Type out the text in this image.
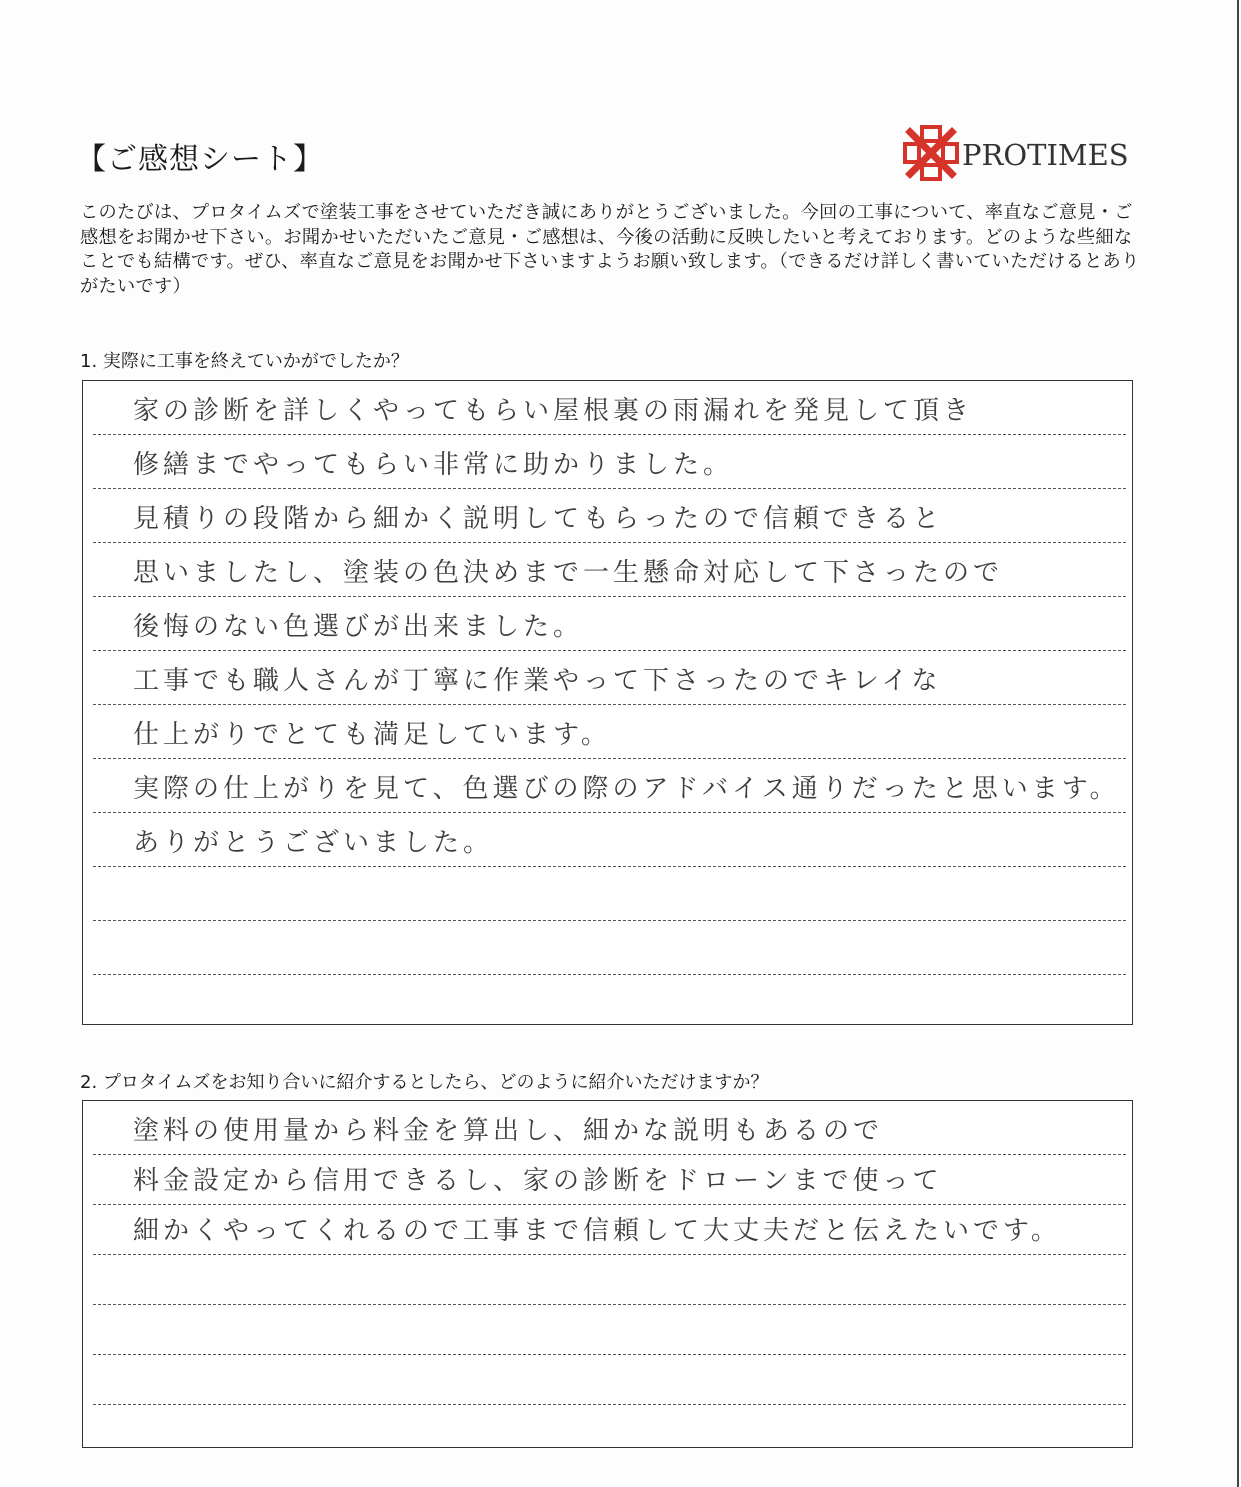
【ご感想シート】	PROTIMES
このたびは、プロタイムズで塗装工事をさせていただき誠にありがとうございました。今回の工事について、率直なご意見・ご感想をお聞かせ下さい。お聞かせいただいたご意見・ご感想は、今後の活動に反映したいと考えております。どのような些細なことでも結構です。ぜひ、率直なご意見をお聞かせ下さいますようお願い致します。（できるだけ詳しく書いていただけるとありがたいです）
1. 実際に工事を終えていかがでしたか？
家の診断を詳しくやってもらい屋根裏の雨漏れを発見して頂き
修繕までやってもらい非常に助かりました。
見積りの段階から細かく説明してもらったので信頼できると
思いましたし、塗装の色決めまで一生懸命対応して下さったので
後悔のない色選びが出来ました。
工事でも職人さんが丁寧に作業やって下さったのでキレイな
仕上がりでとても満足しています。
実際の仕上がりを見て、色選びの際のアドバイス通りだったと思います。
ありがとうございました。
2. プロタイムズをお知り合いに紹介するとしたら、どのように紹介いただけますか？
塗料の使用量から料金を算出し、細かな説明もあるので
料金設定から信用できるし、家の診断をドローンまで使って
細かくやってくれるので工事まで信頼して大丈夫だと伝えたいです。
